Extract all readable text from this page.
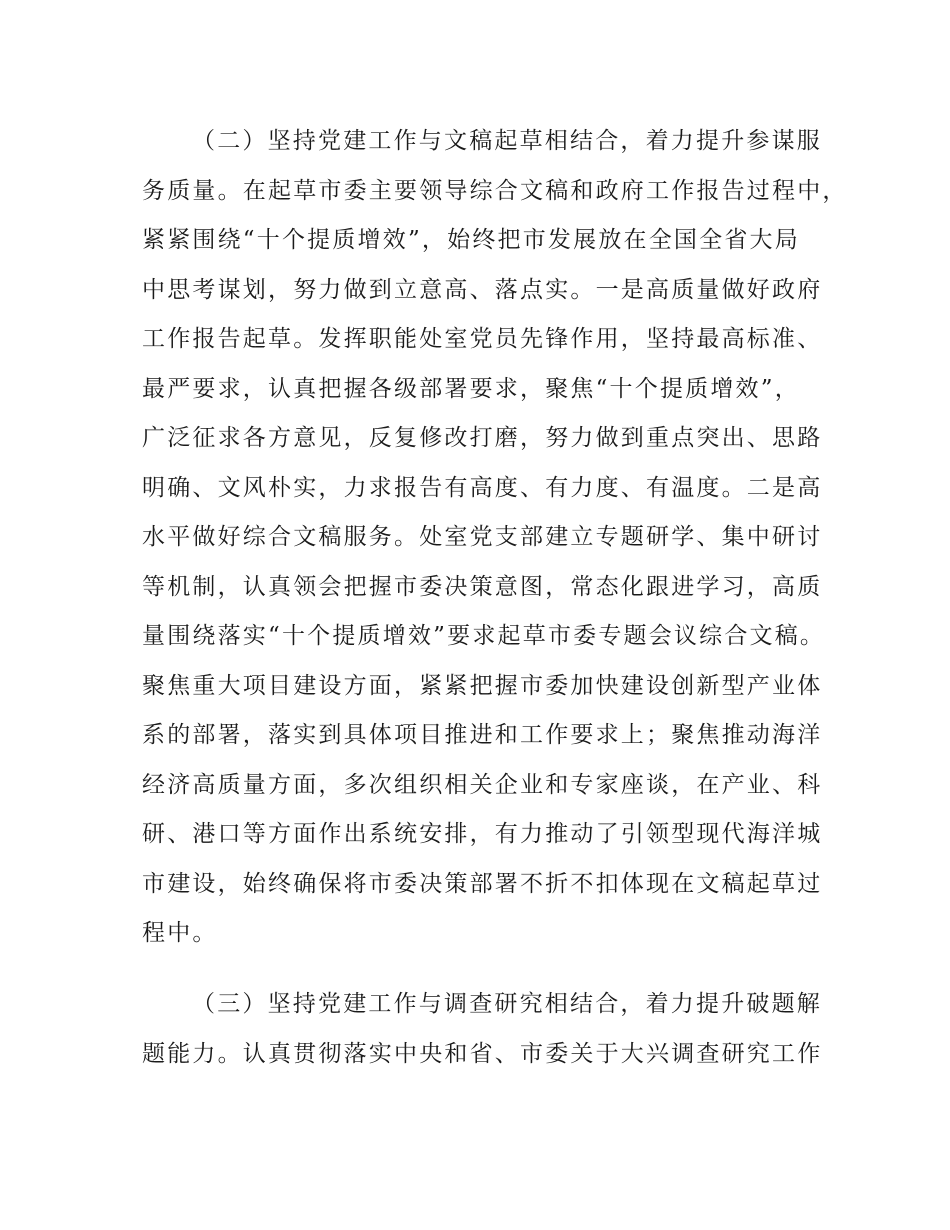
（二）坚持党建工作与文稿起草相结合，着力提升参谋服
务质量。在起草市委主要领导综合文稿和政府工作报告过程中，
紧紧围绕“十个提质增效”，始终把市发展放在全国全省大局
中思考谋划，努力做到立意高、落点实。一是高质量做好政府
工作报告起草。发挥职能处室党员先锋作用，坚持最高标准、
最严要求，认真把握各级部署要求，聚焦“十个提质增效”，
广泛征求各方意见，反复修改打磨，努力做到重点突出、思路
明确、文风朴实，力求报告有高度、有力度、有温度。二是高
水平做好综合文稿服务。处室党支部建立专题研学、集中研讨
等机制，认真领会把握市委决策意图，常态化跟进学习，高质
量围绕落实“十个提质增效”要求起草市委专题会议综合文稿。
聚焦重大项目建设方面，紧紧把握市委加快建设创新型产业体
系的部署，落实到具体项目推进和工作要求上；聚焦推动海洋
经济高质量方面，多次组织相关企业和专家座谈，在产业、科
研、港口等方面作出系统安排，有力推动了引领型现代海洋城
市建设，始终确保将市委决策部署不折不扣体现在文稿起草过
程中。
（三）坚持党建工作与调查研究相结合，着力提升破题解
题能力。认真贯彻落实中央和省、市委关于大兴调查研究工作
